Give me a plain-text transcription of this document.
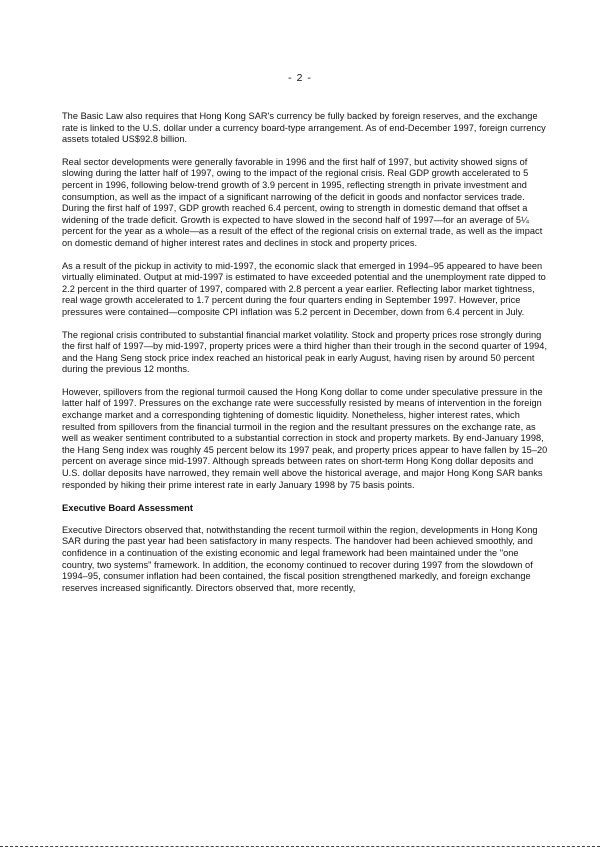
- 2 -

The Basic Law also requires that Hong Kong SAR's currency be fully backed by foreign reserves, and the exchange rate is linked to the U.S. dollar under a currency board-type arrangement. As of end-December 1997, foreign currency assets totaled US$92.8 billion.

Real sector developments were generally favorable in 1996 and the first half of 1997, but activity showed signs of slowing during the latter half of 1997, owing to the impact of the regional crisis. Real GDP growth accelerated to 5 percent in 1996, following below-trend growth of 3.9 percent in 1995, reflecting strength in private investment and consumption, as well as the impact of a significant narrowing of the deficit in goods and nonfactor services trade. During the first half of 1997, GDP growth reached 6.4 percent, owing to strength in domestic demand that offset a widening of the trade deficit. Growth is expected to have slowed in the second half of 1997—for an average of 5¼ percent for the year as a whole—as a result of the effect of the regional crisis on external trade, as well as the impact on domestic demand of higher interest rates and declines in stock and property prices.

As a result of the pickup in activity to mid-1997, the economic slack that emerged in 1994–95 appeared to have been virtually eliminated. Output at mid-1997 is estimated to have exceeded potential and the unemployment rate dipped to 2.2 percent in the third quarter of 1997, compared with 2.8 percent a year earlier. Reflecting labor market tightness, real wage growth accelerated to 1.7 percent during the four quarters ending in September 1997. However, price pressures were contained—composite CPI inflation was 5.2 percent in December, down from 6.4 percent in July.

The regional crisis contributed to substantial financial market volatility. Stock and property prices rose strongly during the first half of 1997—by mid-1997, property prices were a third higher than their trough in the second quarter of 1994, and the Hang Seng stock price index reached an historical peak in early August, having risen by around 50 percent during the previous 12 months.

However, spillovers from the regional turmoil caused the Hong Kong dollar to come under speculative pressure in the latter half of 1997. Pressures on the exchange rate were successfully resisted by means of intervention in the foreign exchange market and a corresponding tightening of domestic liquidity. Nonetheless, higher interest rates, which resulted from spillovers from the financial turmoil in the region and the resultant pressures on the exchange rate, as well as weaker sentiment contributed to a substantial correction in stock and property markets. By end-January 1998, the Hang Seng index was roughly 45 percent below its 1997 peak, and property prices appear to have fallen by 15–20 percent on average since mid-1997. Although spreads between rates on short-term Hong Kong dollar deposits and U.S. dollar deposits have narrowed, they remain well above the historical average, and major Hong Kong SAR banks responded by hiking their prime interest rate in early January 1998 by 75 basis points.

Executive Board Assessment

Executive Directors observed that, notwithstanding the recent turmoil within the region, developments in Hong Kong SAR during the past year had been satisfactory in many respects. The handover had been achieved smoothly, and confidence in a continuation of the existing economic and legal framework had been maintained under the "one country, two systems" framework. In addition, the economy continued to recover during 1997 from the slowdown of 1994–95, consumer inflation had been contained, the fiscal position strengthened markedly, and foreign exchange reserves increased significantly. Directors observed that, more recently,
